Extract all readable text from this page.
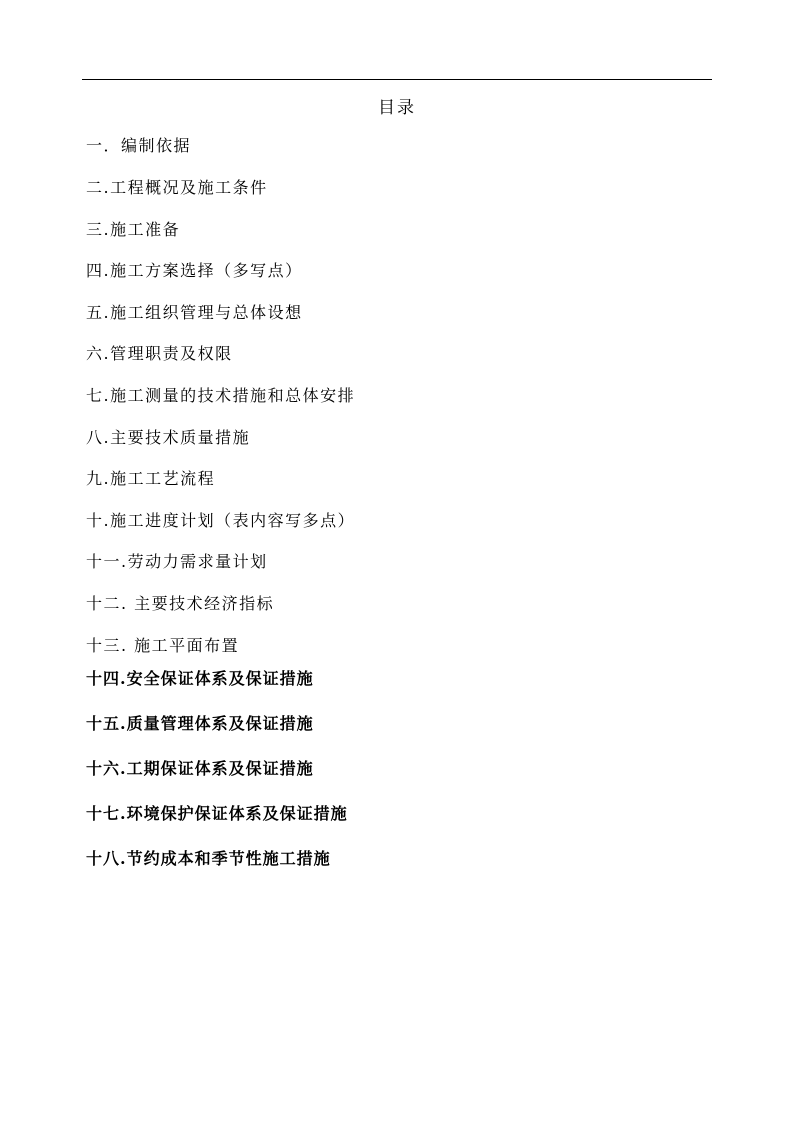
目录
一．编制依据
二.工程概况及施工条件
三.施工准备
四.施工方案选择（多写点）
五.施工组织管理与总体设想
六.管理职责及权限
七.施工测量的技术措施和总体安排
八.主要技术质量措施
九.施工工艺流程
十.施工进度计划（表内容写多点）
十一.劳动力需求量计划
十二. 主要技术经济指标
十三. 施工平面布置
十四.安全保证体系及保证措施
十五.质量管理体系及保证措施
十六.工期保证体系及保证措施
十七.环境保护保证体系及保证措施
十八.节约成本和季节性施工措施
